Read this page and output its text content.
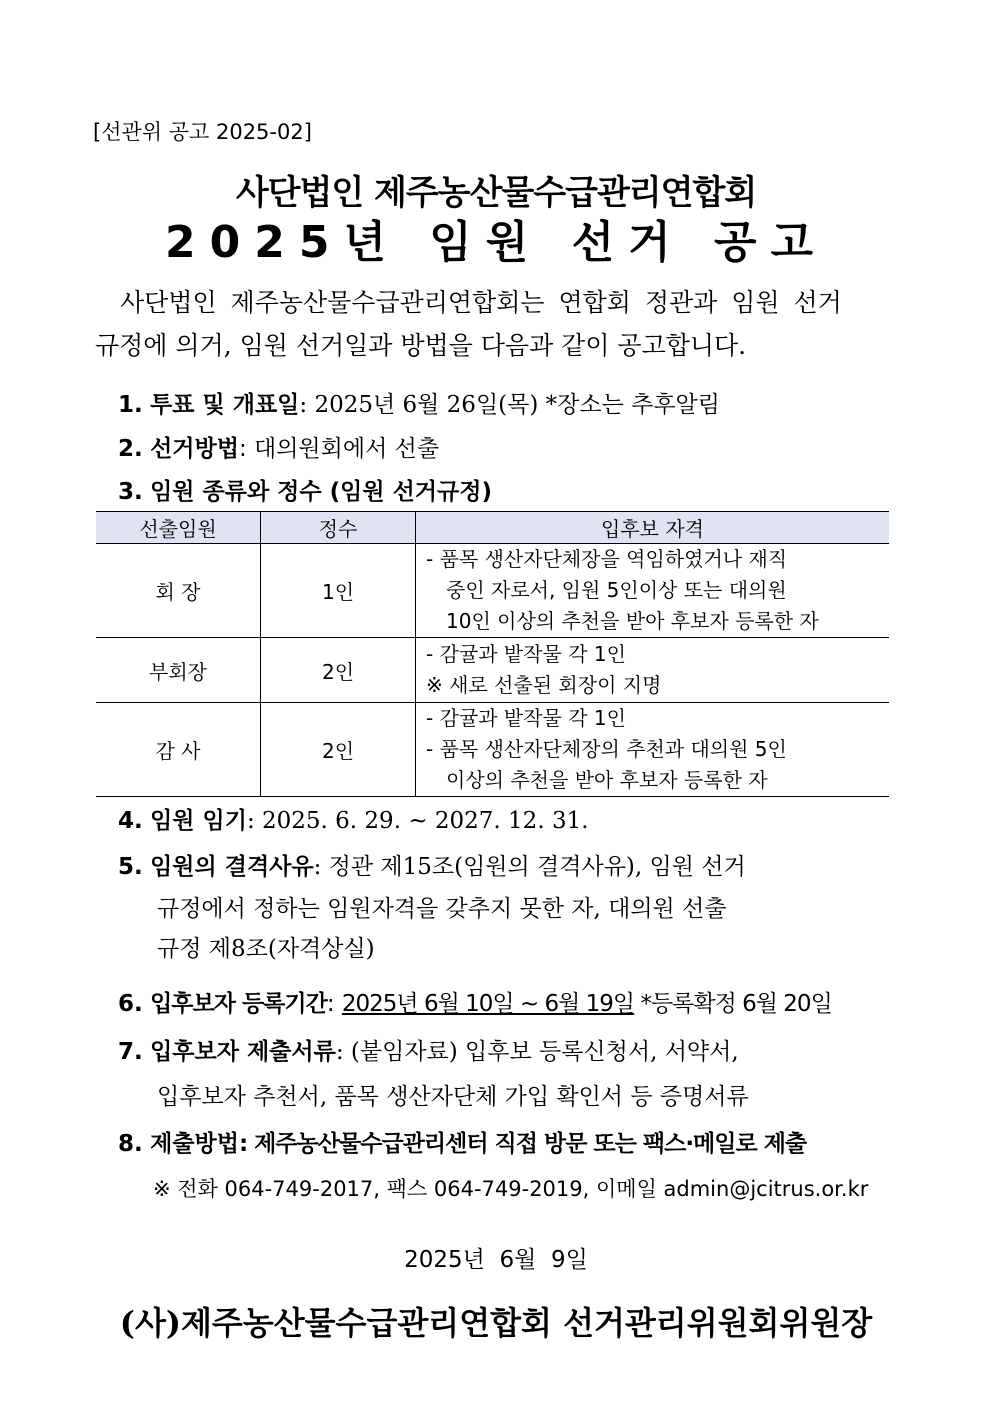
[선관위 공고 2025-02]
사단법인 제주농산물수급관리연합회
2025년 임원 선거 공고
사단법인 제주농산물수급관리연합회는 연합회 정관과 임원 선거
규정에 의거, 임원 선거일과 방법을 다음과 같이 공고합니다.
1. 투표 및 개표일: 2025년 6월 26일(목) *장소는 추후알림
2. 선거방법: 대의원회에서 선출
3. 임원 종류와 정수 (임원 선거규정)
선출임원	정수	입후보 자격
회 장	1인	- 품목 생산자단체장을 역임하였거나 재직
중인 자로서, 임원 5인이상 또는 대의원
10인 이상의 추천을 받아 후보자 등록한 자

부회장	2인	- 감귤과 밭작물 각 1인
※ 새로 선출된 회장이 지명

감 사	2인	- 감귤과 밭작물 각 1인
- 품목 생산자단체장의 추천과 대의원 5인
이상의 추천을 받아 후보자 등록한 자
4. 임원 임기: 2025. 6. 29. ~ 2027. 12. 31.
5. 임원의 결격사유: 정관 제15조(임원의 결격사유), 임원 선거
규정에서 정하는 임원자격을 갖추지 못한 자, 대의원 선출
규정 제8조(자격상실)
6. 입후보자 등록기간: 2025년 6월 10일 ~ 6월 19일 *등록확정 6월 20일
7. 입후보자 제출서류: (붙임자료) 입후보 등록신청서, 서약서,
입후보자 추천서, 품목 생산자단체 가입 확인서 등 증명서류
8. 제출방법: 제주농산물수급관리센터 직접 방문 또는 팩스·메일로 제출
※ 전화 064-749-2017, 팩스 064-749-2019, 이메일 admin@jcitrus.or.kr
2025년  6월  9일
(사)제주농산물수급관리연합회 선거관리위원회위원장
